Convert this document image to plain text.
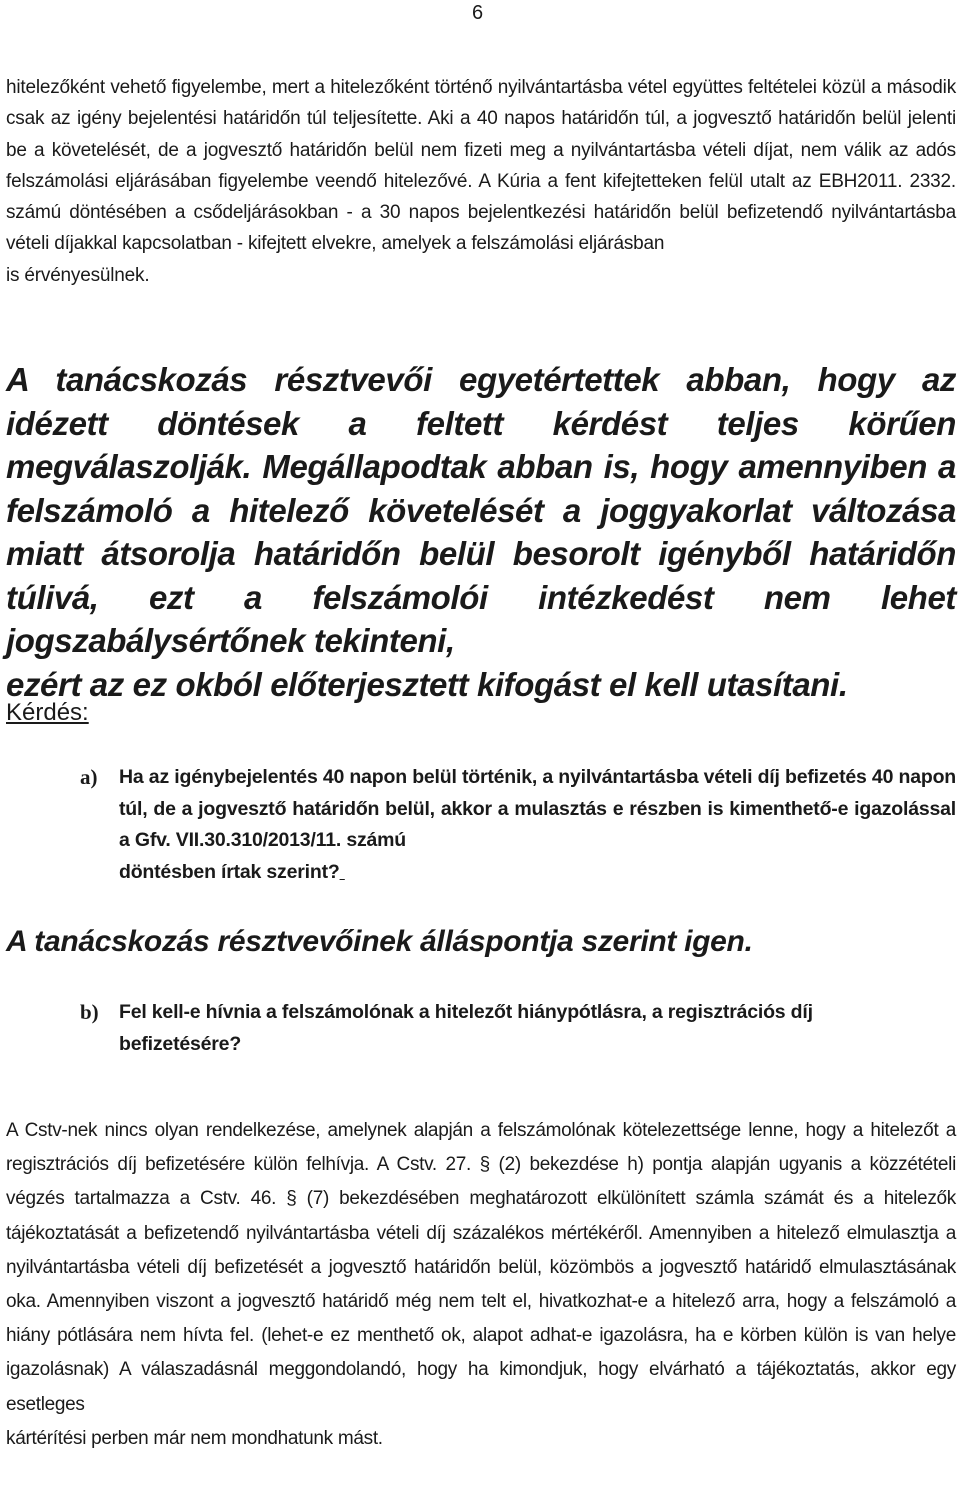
6

hitelezőként vehető figyelembe, mert a hitelezőként történő nyilvántartásba vétel együttes feltételei közül a második csak az igény bejelentési határidőn túl teljesítette. Aki a 40 napos határidőn túl, a jogvesztő határidőn belül jelenti be a követelését, de a jogvesztő határidőn belül nem fizeti meg a nyilvántartásba vételi díjat, nem válik az adós felszámolási eljárásában figyelembe veendő hitelezővé. A Kúria a fent kifejtetteken felül utalt az EBH2011. 2332. számú döntésében a csődeljárásokban - a 30 napos bejelentkezési határidőn belül befizetendő nyilvántartásba vételi díjakkal kapcsolatban - kifejtett elvekre, amelyek a felszámolási eljárásban
is érvényesülnek.

A tanácskozás résztvevői egyetértettek abban, hogy az idézett döntések a feltett kérdést teljes körűen megválaszolják. Megállapodtak abban is, hogy amennyiben a felszámoló a hitelező követelését a joggyakorlat változása miatt átsorolja határidőn belül besorolt igényből határidőn túlivá, ezt a felszámolói intézkedést nem lehet jogszabálysértőnek tekinteni,
ezért az ez okból előterjesztett kifogást el kell utasítani.

Kérdés:

a) Ha az igénybejelentés 40 napon belül történik, a nyilvántartásba vételi díj befizetés 40 napon túl, de a jogvesztő határidőn belül, akkor a mulasztás e részben is kimenthető-e igazolással a Gfv. VII.30.310/2013/11. számú
döntésben írtak szerint?

A tanácskozás résztvevőinek álláspontja szerint igen.

b) Fel kell-e hívnia a felszámolónak a hitelezőt hiánypótlásra, a regisztrációs díj
befizetésére?

A Cstv-nek nincs olyan rendelkezése, amelynek alapján a felszámolónak kötelezettsége lenne, hogy a hitelezőt a regisztrációs díj befizetésére külön felhívja. A Cstv. 27. § (2) bekezdése h) pontja alapján ugyanis a közzétételi végzés tartalmazza a Cstv. 46. § (7) bekezdésében meghatározott elkülönített számla számát és a hitelezők tájékoztatását a befizetendő nyilvántartásba vételi díj százalékos mértékéről. Amennyiben a hitelező elmulasztja a nyilvántartásba vételi díj befizetését a jogvesztő határidőn belül, közömbös a jogvesztő határidő elmulasztásának oka. Amennyiben viszont a jogvesztő határidő még nem telt el, hivatkozhat-e a hitelező arra, hogy a felszámoló a hiány pótlására nem hívta fel. (lehet-e ez menthető ok, alapot adhat-e igazolásra, ha e körben külön is van helye igazolásnak) A válaszadásnál meggondolandó, hogy ha kimondjuk, hogy elvárható a tájékoztatás, akkor egy esetleges
kártérítési perben már nem mondhatunk mást.
